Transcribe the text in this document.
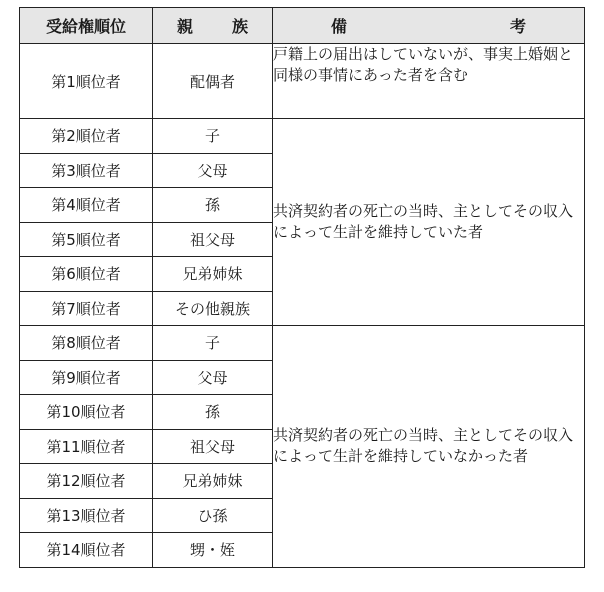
受給権順位	親 族	備 考

第1順位者	配偶者	戸籍上の届出はしていないが、事実上婚姻と同様の事情にあった者を含む
第2順位者	子	共済契約者の死亡の当時、主としてその収入によって生計を維持していた者
第3順位者	父母	
第4順位者	孫	
第5順位者	祖父母	
第6順位者	兄弟姉妹	
第7順位者	その他親族	
第8順位者	子	共済契約者の死亡の当時、主としてその収入によって生計を維持していなかった者
第9順位者	父母	
第10順位者	孫	
第11順位者	祖父母	
第12順位者	兄弟姉妹	
第13順位者	ひ孫	
第14順位者	甥・姪	
